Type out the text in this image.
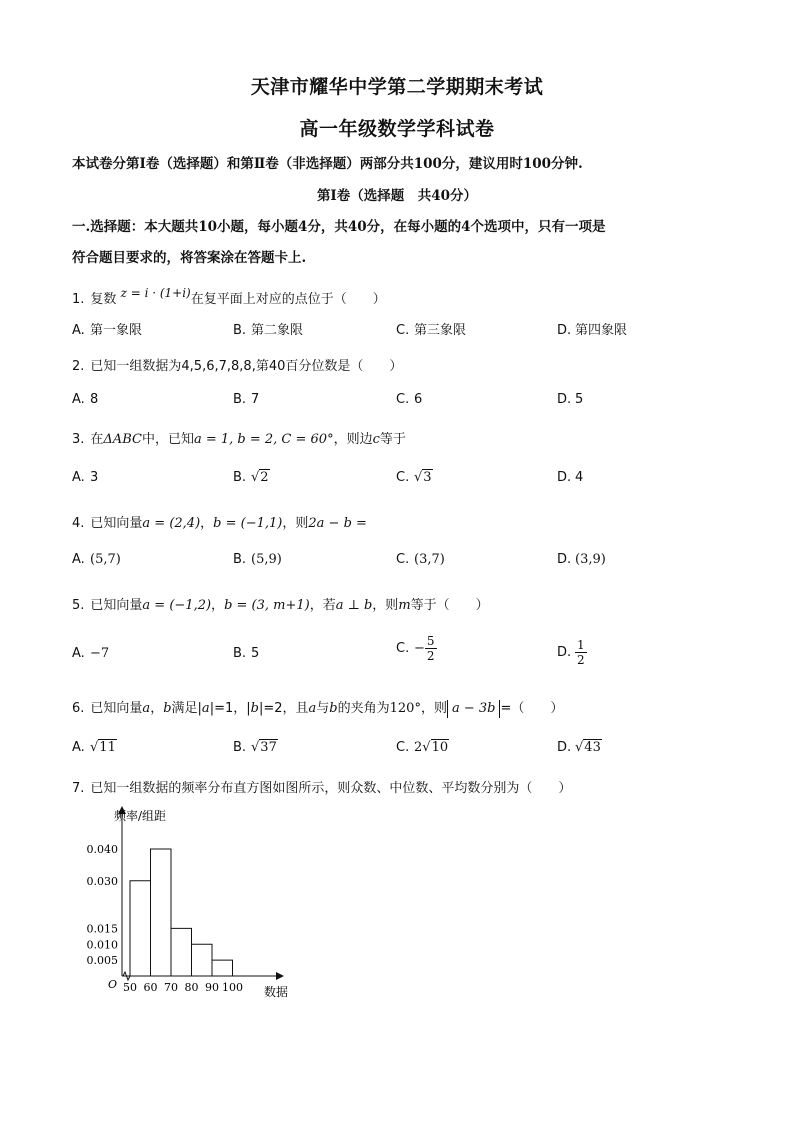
天津市耀华中学第二学期期末考试
高一年级数学学科试卷
本试卷分第Ⅰ卷（选择题）和第Ⅱ卷（非选择题）两部分共100分，建议用时100分钟.
第Ⅰ卷（选择题　共40分）
一.选择题：本大题共10小题，每小题4分，共40分，在每小题的4个选项中，只有一项是
符合题目要求的，将答案涂在答题卡上.
1. 复数 z = i · (1+i)在复平面上对应的点位于（　　）
A. 第一象限	B. 第二象限	C. 第三象限	D. 第四象限
2. 已知一组数据为4,5,6,7,8,8,第40百分位数是（　　）
A. 8	B. 7	C. 6	D. 5
3. 在ΔABC中，已知a = 1, b = 2, C = 60°，则边c等于
A. 3	B. √2	C. √3	D. 4
4. 已知向量a = (2,4)，b = (−1,1)，则2a − b =
A. (5,7)	B. (5,9)	C. (3,7)	D. (3,9)
5. 已知向量a = (−1,2)，b = (3, m+1)，若a ⊥ b，则m等于（　　）
A. −7	B. 5	C. − $\frac{5}{2}$	D. $\frac{1}{2}$
6. 已知向量a，b满足|a|=1，|b|=2，且a与b的夹角为120°，则 a − 3b =（　　）
A. √11	B. √37	C. 2√10	D. √43
7. 已知一组数据的频率分布直方图如图所示，则众数、中位数、平均数分别为（　　）
0.040
0.030
0.015
0.010
0.005
50 60 70 80 90 100
O
频率/组距
数据
